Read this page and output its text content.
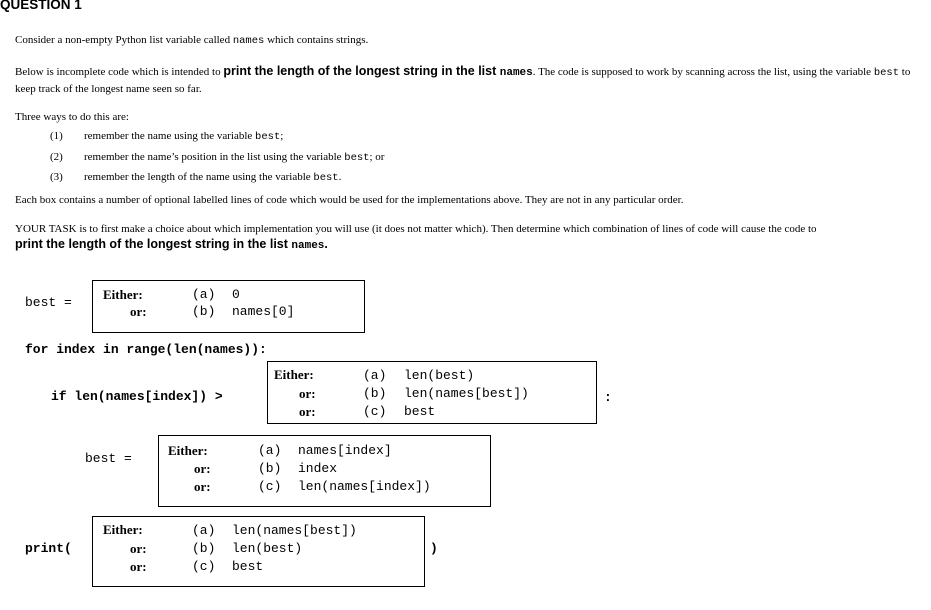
QUESTION 1
Consider a non-empty Python list variable called names which contains strings.
Below is incomplete code which is intended to print the length of the longest string in the list names. The code is supposed to work by scanning across the list, using the variable best to keep track of the longest name seen so far.
Three ways to do this are:
(1) remember the name using the variable best;
(2) remember the name’s position in the list using the variable best; or
(3) remember the length of the name using the variable best.
Each box contains a number of optional labelled lines of code which would be used for the implementations above. They are not in any particular order.
YOUR TASK is to first make a choice about which implementation you will use (it does not matter which). Then determine which combination of lines of code will cause the code to
print the length of the longest string in the list names.
best =
Either:
or:
(a) 0
(b) names[0]
for index in range(len(names)):
if len(names[index]) >
Either:
or:
or:
(a) len(best)
(b) len(names[best])
(c) best
:
best =
Either:
or:
or:
(a) names[index]
(b) index
(c) len(names[index])
print(
Either:
or:
or:
(a) len(names[best])
(b) len(best)
(c) best
)
